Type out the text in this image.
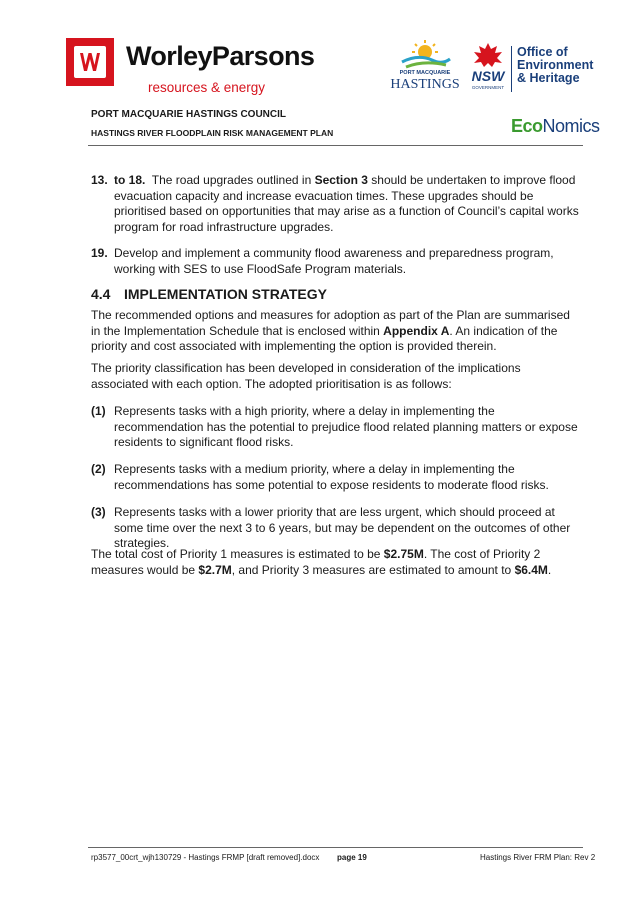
WorleyParsons
resources & energy
PORT MACQUARIE
HASTINGS
NSW
GOVERNMENT
Office of
Environment
& Heritage
PORT MACQUARIE HASTINGS COUNCIL
HASTINGS RIVER FLOODPLAIN RISK MANAGEMENT PLAN	EcoNomics
13. to 18. The road upgrades outlined in Section 3 should be undertaken to improve flood evacuation capacity and increase evacuation times. These upgrades should be prioritised based on opportunities that may arise as a function of Council’s capital works program for road infrastructure upgrades.
19. Develop and implement a community flood awareness and preparedness program, working with SES to use FloodSafe Program materials.
4.4 IMPLEMENTATION STRATEGY
The recommended options and measures for adoption as part of the Plan are summarised in the Implementation Schedule that is enclosed within Appendix A. An indication of the priority and cost associated with implementing the option is provided therein.
The priority classification has been developed in consideration of the implications associated with each option. The adopted prioritisation is as follows:
(1) Represents tasks with a high priority, where a delay in implementing the recommendation has the potential to prejudice flood related planning matters or expose residents to significant flood risks.
(2) Represents tasks with a medium priority, where a delay in implementing the recommendations has some potential to expose residents to moderate flood risks.
(3) Represents tasks with a lower priority that are less urgent, which should proceed at some time over the next 3 to 6 years, but may be dependent on the outcomes of other strategies.
The total cost of Priority 1 measures is estimated to be $2.75M. The cost of Priority 2 measures would be $2.7M, and Priority 3 measures are estimated to amount to $6.4M.
rp3577_00crt_wjh130729 - Hastings FRMP [draft removed].docx page 19	Hastings River FRM Plan: Rev 2
